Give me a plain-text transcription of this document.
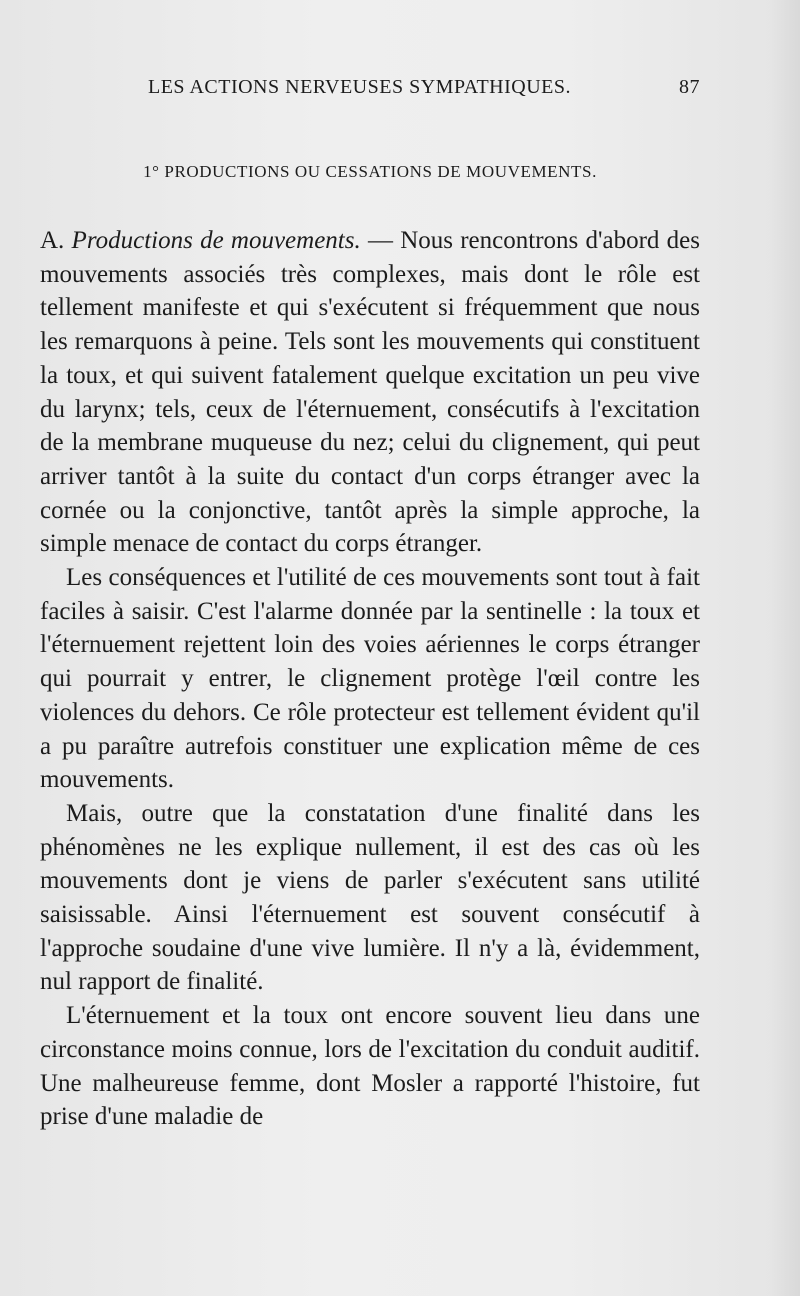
LES ACTIONS NERVEUSES SYMPATHIQUES.	87
1° PRODUCTIONS OU CESSATIONS DE MOUVEMENTS.

A. Productions de mouvements. — Nous rencontrons d'abord des mouvements associés très complexes, mais dont le rôle est tellement manifeste et qui s'exécutent si fréquemment que nous les remarquons à peine. Tels sont les mouvements qui constituent la toux, et qui suivent fatalement quelque excitation un peu vive du larynx; tels, ceux de l'éternuement, consécutifs à l'excitation de la membrane muqueuse du nez; celui du clignement, qui peut arriver tantôt à la suite du contact d'un corps étranger avec la cornée ou la conjonctive, tantôt après la simple approche, la simple menace de contact du corps étranger.

Les conséquences et l'utilité de ces mouvements sont tout à fait faciles à saisir. C'est l'alarme donnée par la sentinelle : la toux et l'éternuement rejettent loin des voies aériennes le corps étranger qui pourrait y entrer, le clignement protège l'œil contre les violences du dehors. Ce rôle protecteur est tellement évident qu'il a pu paraître autrefois constituer une explication même de ces mouvements.

Mais, outre que la constatation d'une finalité dans les phénomènes ne les explique nullement, il est des cas où les mouvements dont je viens de parler s'exécutent sans utilité saisissable. Ainsi l'éternuement est souvent consécutif à l'approche soudaine d'une vive lumière. Il n'y a là, évidemment, nul rapport de finalité.

L'éternuement et la toux ont encore souvent lieu dans une circonstance moins connue, lors de l'excitation du conduit auditif. Une malheureuse femme, dont Mosler a rapporté l'histoire, fut prise d'une maladie de
